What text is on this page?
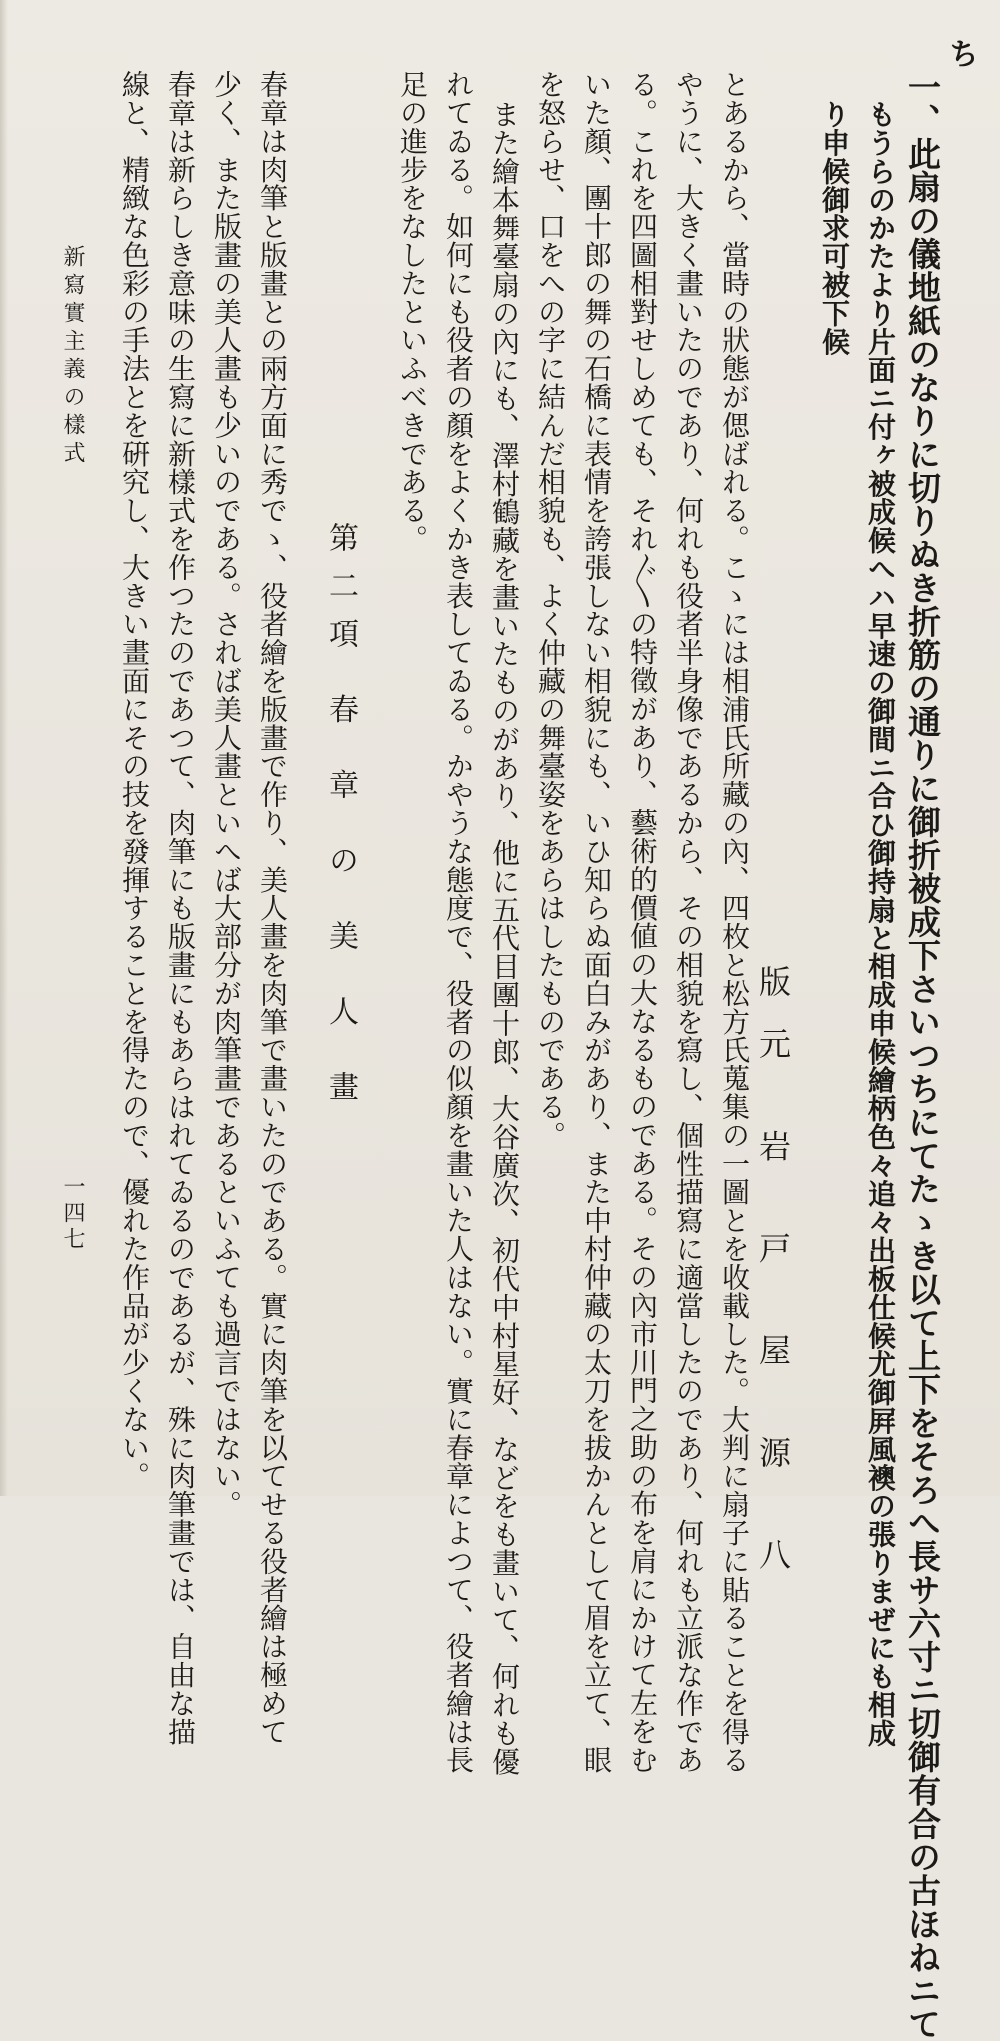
ち
一、此扇の儀地紙のなりに切りぬき折筋の通りに御折被成下さいつちにてたゝき以て上下をそろへ長サ六寸ニ切御有合の古ほねニて
もうらのかたより片面ニ付ヶ被成候へハ早速の御間ニ合ひ御持扇と相成申候繪柄色々追々出板仕候尤御屛風襖の張りまぜにも相成
り申候御求可被下候
版元 岩 戸 屋 源 八
とあるから、當時の狀態が偲ばれる。こゝには相浦氏所藏の內、四枚と松方氏蒐集の一圖とを收載した。大判に扇子に貼ることを得る
やうに、大きく畫いたのであり、何れも役者半身像であるから、その相貌を寫し、個性描寫に適當したのであり、何れも立派な作であ
る。これを四圖相對せしめても、それ〲の特徵があり、藝術的價値の大なるものである。その內市川門之助の布を肩にかけて左をむ
いた顏、團十郎の舞の石橋に表情を誇張しない相貌にも、いひ知らぬ面白みがあり、また中村仲藏の太刀を拔かんとして眉を立て、眼
を怒らせ、口をへの字に結んだ相貌も、よく仲藏の舞臺姿をあらはしたものである。
また繪本舞臺扇の內にも、澤村鶴藏を畫いたものがあり、他に五代目團十郎、大谷廣次、初代中村星好、などをも畫いて、何れも優
れてゐる。如何にも役者の顏をよくかき表してゐる。かやうな態度で、役者の似顏を畫いた人はない。實に春章によつて、役者繪は長
足の進步をなしたといふべきである。
第二項 春 章 の 美 人 畫
春章は肉筆と版畫との兩方面に秀でゝ、役者繪を版畫で作り、美人畫を肉筆で畫いたのである。實に肉筆を以てせる役者繪は極めて
少く、また版畫の美人畫も少いのである。されば美人畫といへば大部分が肉筆畫であるといふても過言ではない。
春章は新らしき意味の生寫に新樣式を作つたのであつて、肉筆にも版畫にもあらはれてゐるのであるが、殊に肉筆畫では、自由な描
線と、精緻な色彩の手法とを硏究し、大きい畫面にその技を發揮することを得たので、優れた作品が少くない。
新寫實主義の樣式
一四七
